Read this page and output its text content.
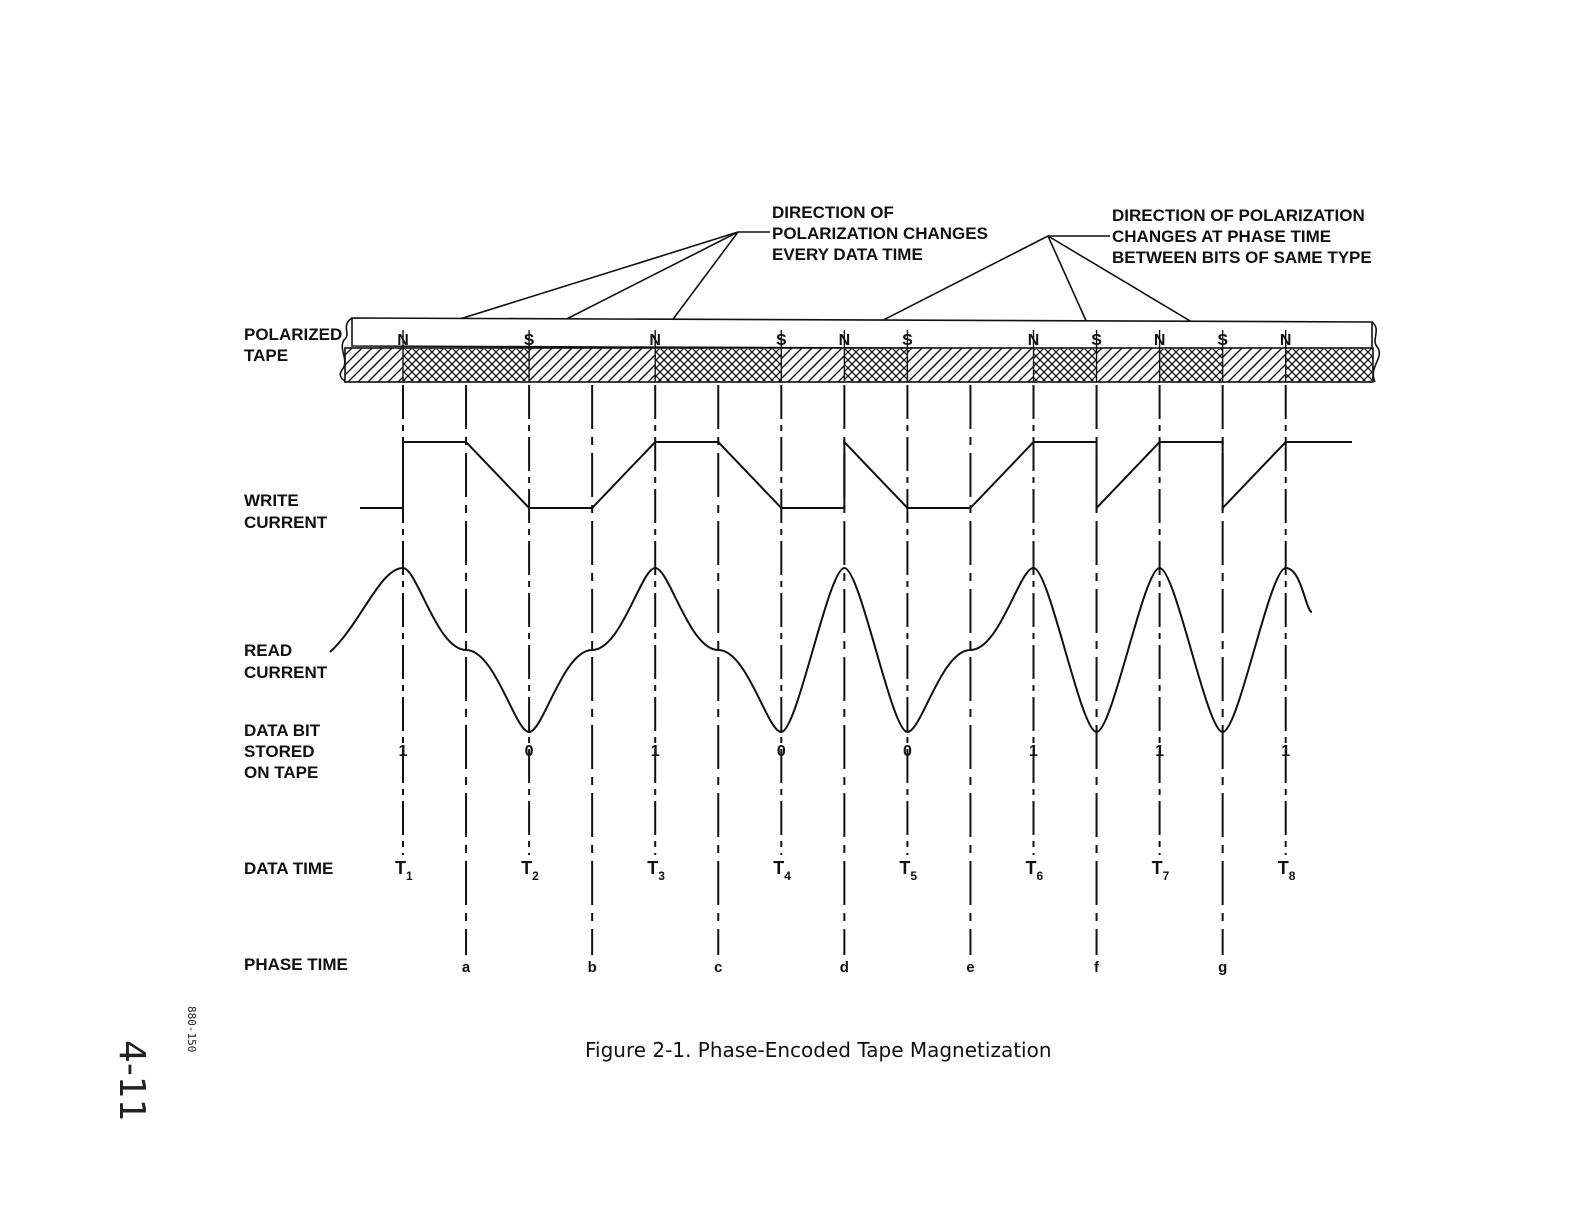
POLARIZED
TAPE
WRITE
CURRENT
READ
CURRENT
DATA BIT
STORED
ON TAPE
DATA TIME
PHASE TIME
DIRECTION OF
POLARIZATION CHANGES
EVERY DATA TIME
DIRECTION OF POLARIZATION
CHANGES AT PHASE TIME
BETWEEN BITS OF SAME TYPE
N	S	N	S	N	S	N	S	N	S	N
1	0	1	0	0	1	1	1
$T_1$	$T_2$	$T_3$	$T_4$	$T_5$	$T_6$	$T_7$	$T_8$
a	b	c	d	e	f	g
Figure 2-1. Phase-Encoded Tape Magnetization
880-150
4-11
